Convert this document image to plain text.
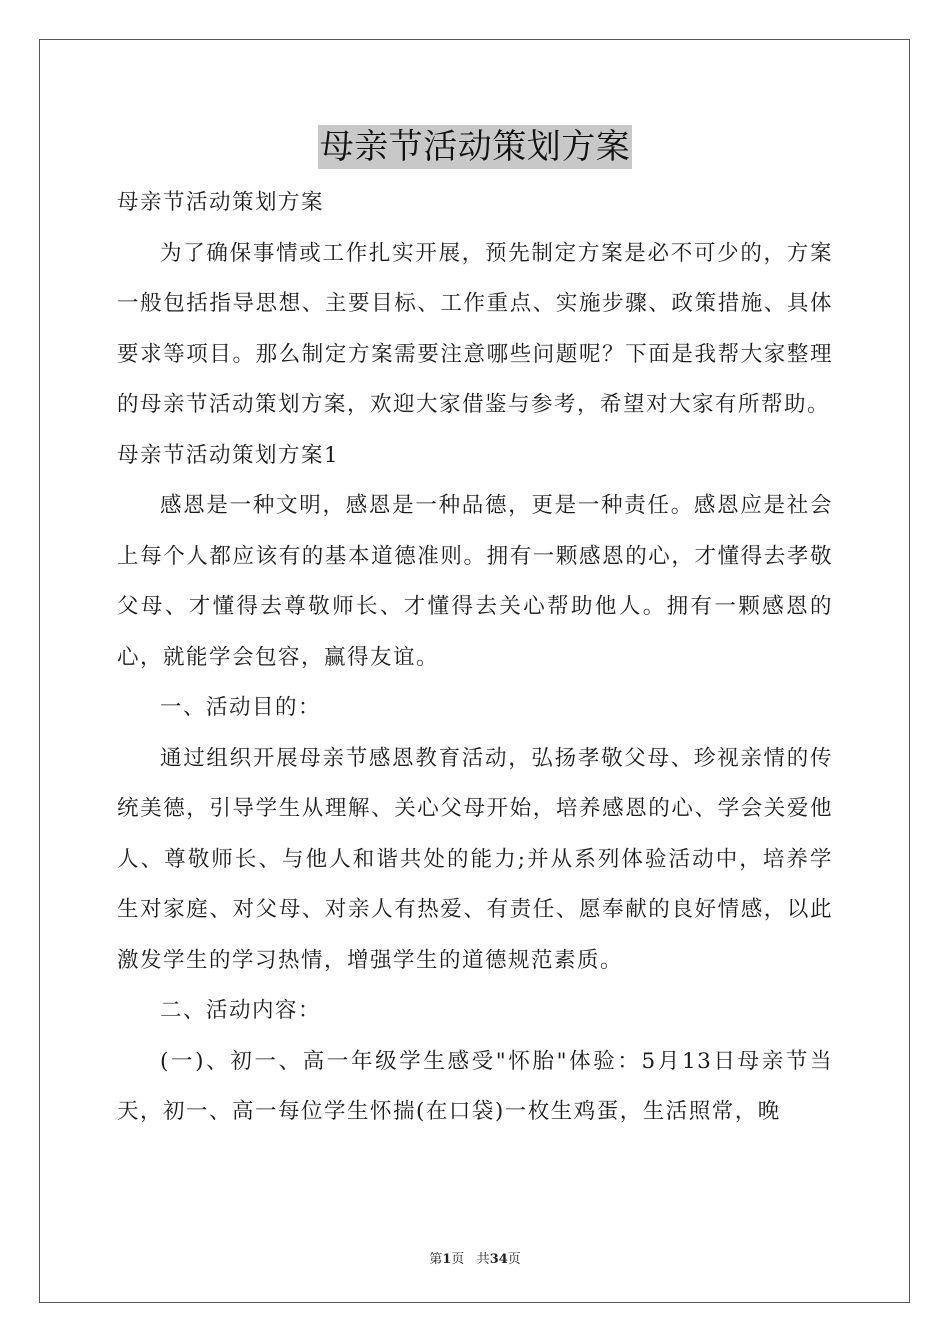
母亲节活动策划方案

母亲节活动策划方案

为了确保事情或工作扎实开展，预先制定方案是必不可少的，方案一般包括指导思想、主要目标、工作重点、实施步骤、政策措施、具体要求等项目。那么制定方案需要注意哪些问题呢？下面是我帮大家整理的母亲节活动策划方案，欢迎大家借鉴与参考，希望对大家有所帮助。

母亲节活动策划方案1

感恩是一种文明，感恩是一种品德，更是一种责任。感恩应是社会上每个人都应该有的基本道德准则。拥有一颗感恩的心，才懂得去孝敬父母、才懂得去尊敬师长、才懂得去关心帮助他人。拥有一颗感恩的心，就能学会包容，赢得友谊。

一、活动目的：

通过组织开展母亲节感恩教育活动，弘扬孝敬父母、珍视亲情的传统美德，引导学生从理解、关心父母开始，培养感恩的心、学会关爱他人、尊敬师长、与他人和谐共处的能力;并从系列体验活动中，培养学生对家庭、对父母、对亲人有热爱、有责任、愿奉献的良好情感，以此激发学生的学习热情，增强学生的道德规范素质。

二、活动内容：

(一)、初一、高一年级学生感受"怀胎"体验：5月13日母亲节当天，初一、高一每位学生怀揣(在口袋)一枚生鸡蛋，生活照常，晚

第1页 共34页
